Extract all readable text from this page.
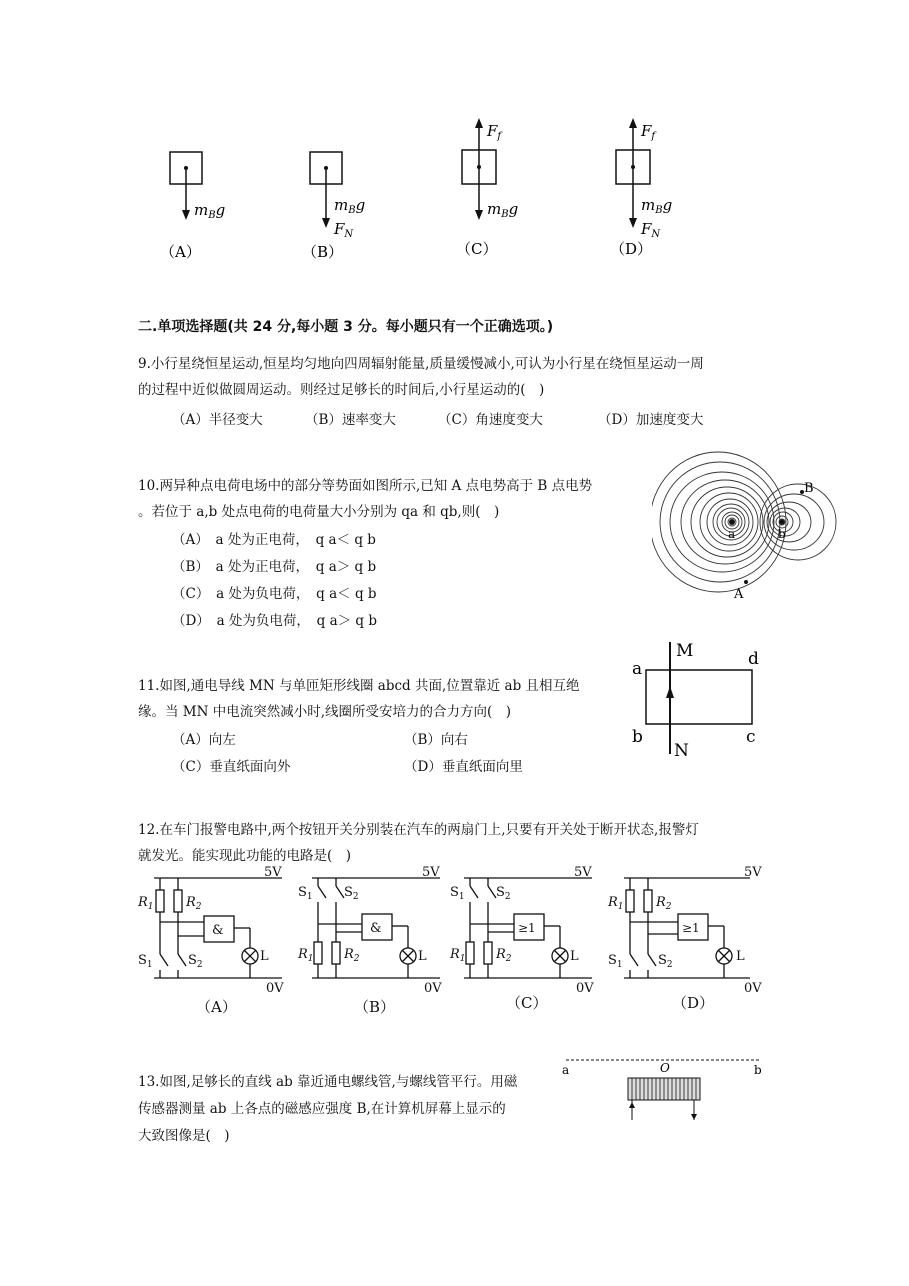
$m_Bg$
（A）
$m_Bg$
$F_N$
（B）
$F_f$
$m_Bg$
（C）
$F_f$
$m_Bg$
$F_N$
（D）
二.单项选择题(共 24 分,每小题 3 分。每小题只有一个正确选项。)
9.小行星绕恒星运动,恒星均匀地向四周辐射能量,质量缓慢减小,可认为小行星在绕恒星运动一周
的过程中近似做圆周运动。则经过足够长的时间后,小行星运动的(　)
（A）半径变大	（B）速率变大	（C）角速度变大	（D）加速度变大
10.两异种点电荷电场中的部分等势面如图所示,已知 A 点电势高于 B 点电势
。若位于 a,b 处点电荷的电荷量大小分别为 qa 和 qb,则(　)
（A）　a 处为正电荷，　q a＜ q b
（B）　a 处为正电荷，　q a＞ q b
（C）　a 处为负电荷，　q a＜ q b
（D）　a 处为负电荷，　q a＞ q b
a	b
B
A
11.如图,通电导线 MN 与单匝矩形线圈 abcd 共面,位置靠近 ab 且相互绝
缘。当 MN 中电流突然减小时,线圈所受安培力的合力方向(　)
（A）向左	（B）向右
（C）垂直纸面向外	（D）垂直纸面向里
M
N
a
b	c
d
12.在车门报警电路中,两个按钮开关分别装在汽车的两扇门上,只要有开关处于断开状态,报警灯
就发光。能实现此功能的电路是(　)
5V
0V
&
L
$R_1$ $R_2$
$S_1$	$S_2$
（A）
5V
0V
&
L
$R_1$ $R_2$
$S_1$ $S_2$
（B）
5V
0V
≥1
L
$R_1$ $R_2$
$S_1$ $S_2$
（C）
5V
0V
≥1
L
$R_1$ $R_2$
$S_1$	$S_2$
（D）
13.如图,足够长的直线 ab 靠近通电螺线管,与螺线管平行。用磁
传感器测量 ab 上各点的磁感应强度 B,在计算机屏幕上显示的
大致图像是(　)
a	b
O
